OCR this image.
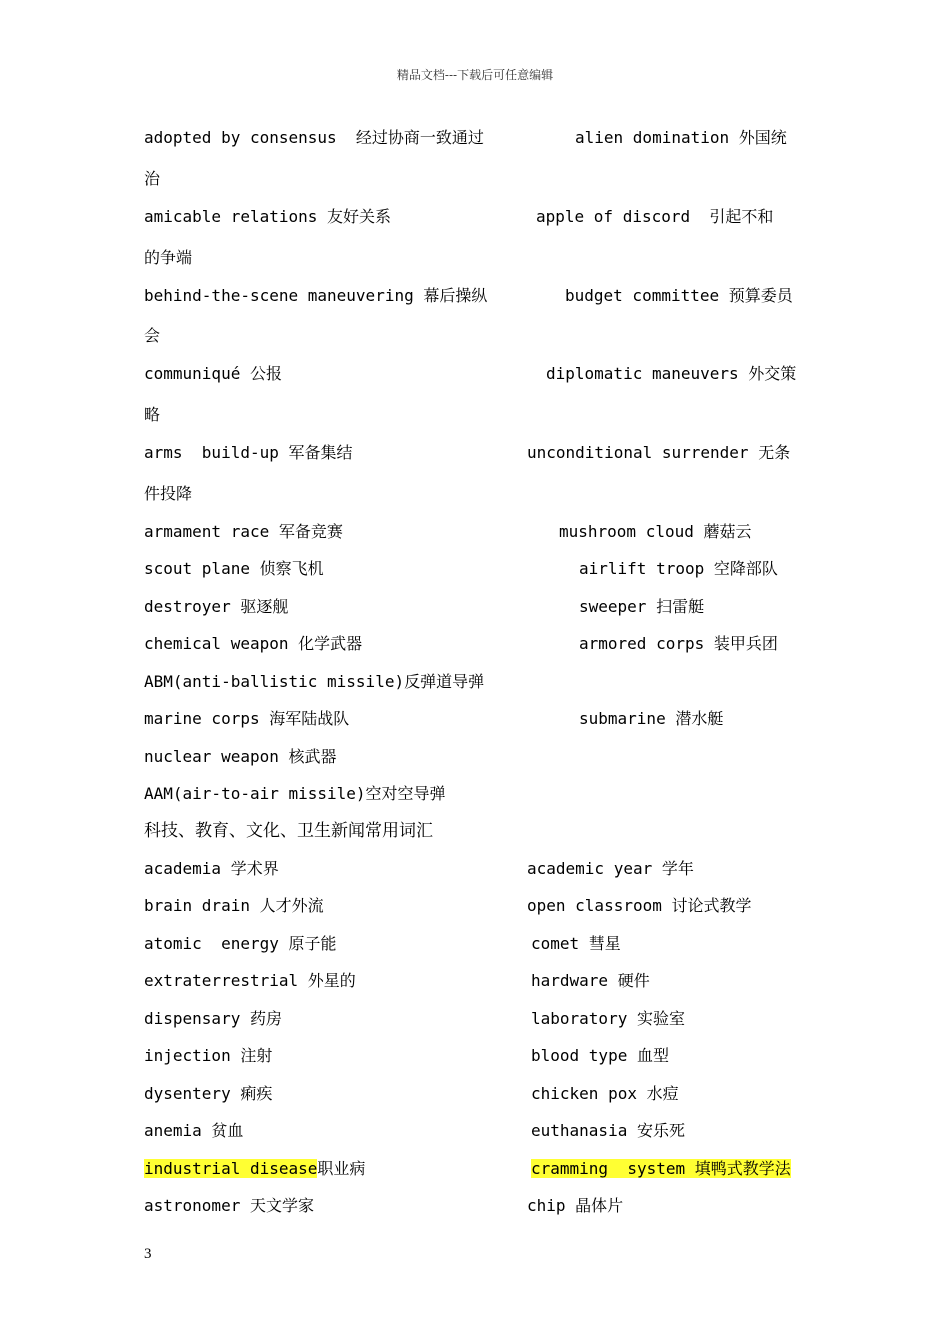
精品文档---下载后可任意编辑
adopted by consensus  经过协商一致通过	alien domination 外国统
治
amicable relations 友好关系	apple of discord  引起不和
的争端
behind-the-scene maneuvering 幕后操纵	budget committee 预算委员
会
communiqué 公报	diplomatic maneuvers 外交策
略
arms  build-up 军备集结	unconditional surrender 无条
件投降
armament race 军备竞赛	mushroom cloud 蘑菇云
scout plane 侦察飞机	airlift troop 空降部队
destroyer 驱逐舰	sweeper 扫雷艇
chemical weapon 化学武器	armored corps 装甲兵团
ABM(anti-ballistic missile)反弹道导弹
marine corps 海军陆战队	submarine 潜水艇
nuclear weapon 核武器
AAM(air-to-air missile)空对空导弹
科技、教育、文化、卫生新闻常用词汇
academia 学术界	academic year 学年
brain drain 人才外流	open classroom 讨论式教学
atomic  energy 原子能	comet 彗星
extraterrestrial 外星的	hardware 硬件
dispensary 药房	laboratory 实验室
injection 注射	blood type 血型
dysentery 痢疾	chicken pox 水痘
anemia 贫血	euthanasia 安乐死
industrial disease职业病	cramming  system 填鸭式教学法
astronomer 天文学家	chip 晶体片
3
